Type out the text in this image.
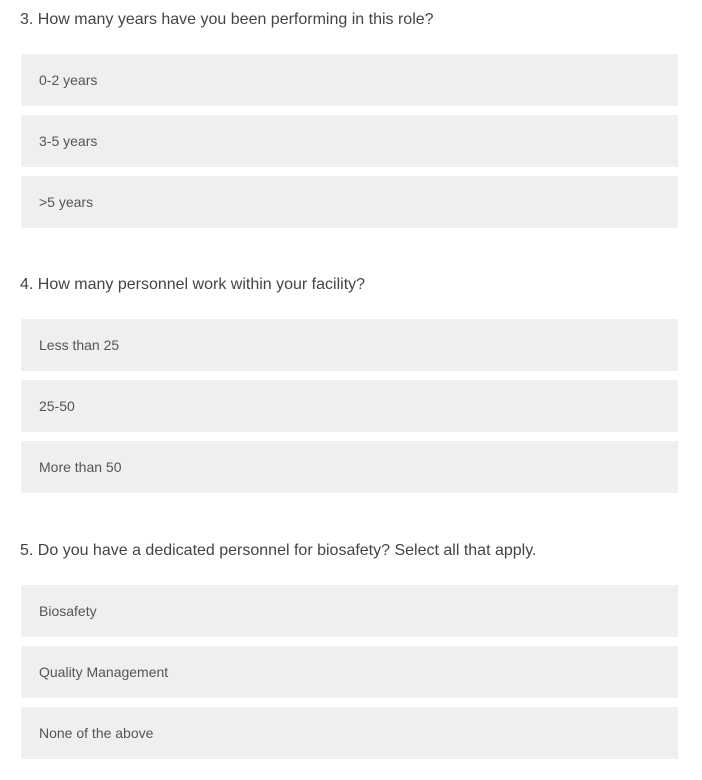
3. How many years have you been performing in this role?
0-2 years
3-5 years
>5 years
4. How many personnel work within your facility?
Less than 25
25-50
More than 50
5. Do you have a dedicated personnel for biosafety? Select all that apply.
Biosafety
Quality Management
None of the above
